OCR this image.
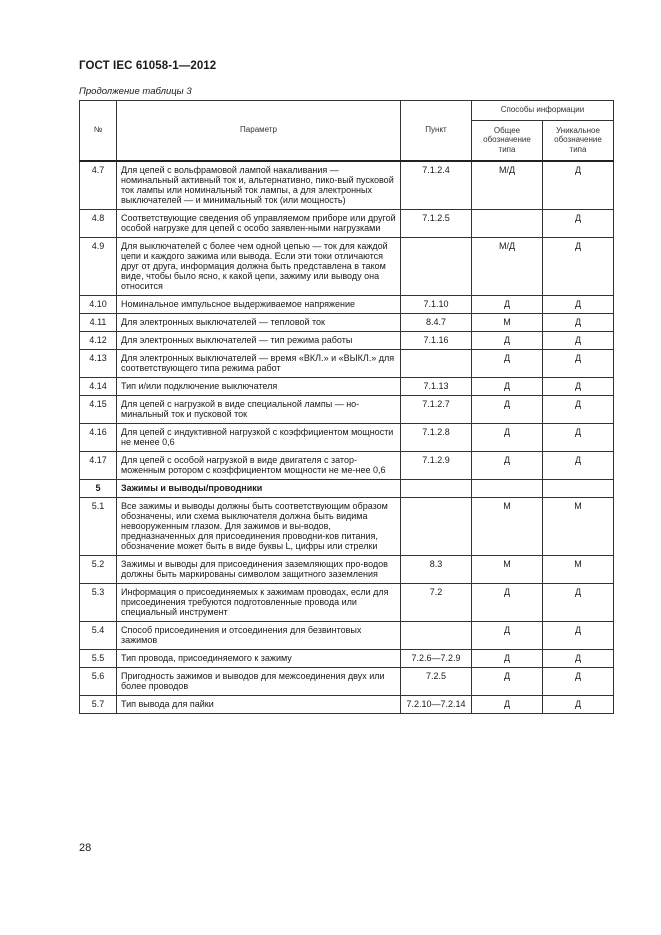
ГОСТ IEC 61058-1—2012
Продолжение таблицы 3
№	Параметр	Пункт	Способы информации	
			Общее обозначение типа	Уникальное обозначение типа
4.7	Для цепей с вольфрамовой лампой накаливания — номинальный активный ток и, альтернативно, пико-вый пусковой ток лампы или номинальный ток лампы, а для электронных выключателей — и минимальный ток (или мощность)	7.1.2.4	М/Д	Д
4.8	Соответствующие сведения об управляемом приборе или другой особой нагрузке для цепей с особо заявлен-ными нагрузками	7.1.2.5		Д
4.9	Для выключателей с более чем одной цепью — ток для каждой цепи и каждого зажима или вывода. Если эти токи отличаются друг от друга, информация должна быть представлена в таком виде, чтобы было ясно, к какой цепи, зажиму или выводу она относится		М/Д	Д
4.10	Номинальное импульсное выдерживаемое напряжение	7.1.10	Д	Д
4.11	Для электронных выключателей — тепловой ток	8.4.7	М	Д
4.12	Для электронных выключателей — тип режима работы	7.1.16	Д	Д
4.13	Для электронных выключателей — время «ВКЛ.» и «ВЫКЛ.» для соответствующего типа режима работ		Д	Д
4.14	Тип и/или подключение выключателя	7.1.13	Д	Д
4.15	Для цепей с нагрузкой в виде специальной лампы — но-минальный ток и пусковой ток	7.1.2.7	Д	Д
4.16	Для цепей с индуктивной нагрузкой с коэффициентом мощности не менее 0,6	7.1.2.8	Д	Д
4.17	Для цепей с особой нагрузкой в виде двигателя с затор-моженным ротором с коэффициентом мощности не ме-нее 0,6	7.1.2.9	Д	Д
5	Зажимы и выводы/проводники			
5.1	Все зажимы и выводы должны быть соответствующим образом обозначены, или схема выключателя должна быть видима невооруженным глазом. Для зажимов и вы-водов, предназначенных для присоединения проводни-ков питания, обозначение может быть в виде буквы L, цифры или стрелки		М	М
5.2	Зажимы и выводы для присоединения заземляющих про-водов должны быть маркированы символом защитного заземления	8.3	М	М
5.3	Информация о присоединяемых к зажимам проводах, если для присоединения требуются подготовленные провода или специальный инструмент	7.2	Д	Д
5.4	Способ присоединения и отсоединения для безвинтовых зажимов		Д	Д
5.5	Тип провода, присоединяемого к зажиму	7.2.6—7.2.9	Д	Д
5.6	Пригодность зажимов и выводов для межсоединения двух или более проводов	7.2.5	Д	Д
5.7	Тип вывода для пайки	7.2.10—7.2.14	Д	Д
28
